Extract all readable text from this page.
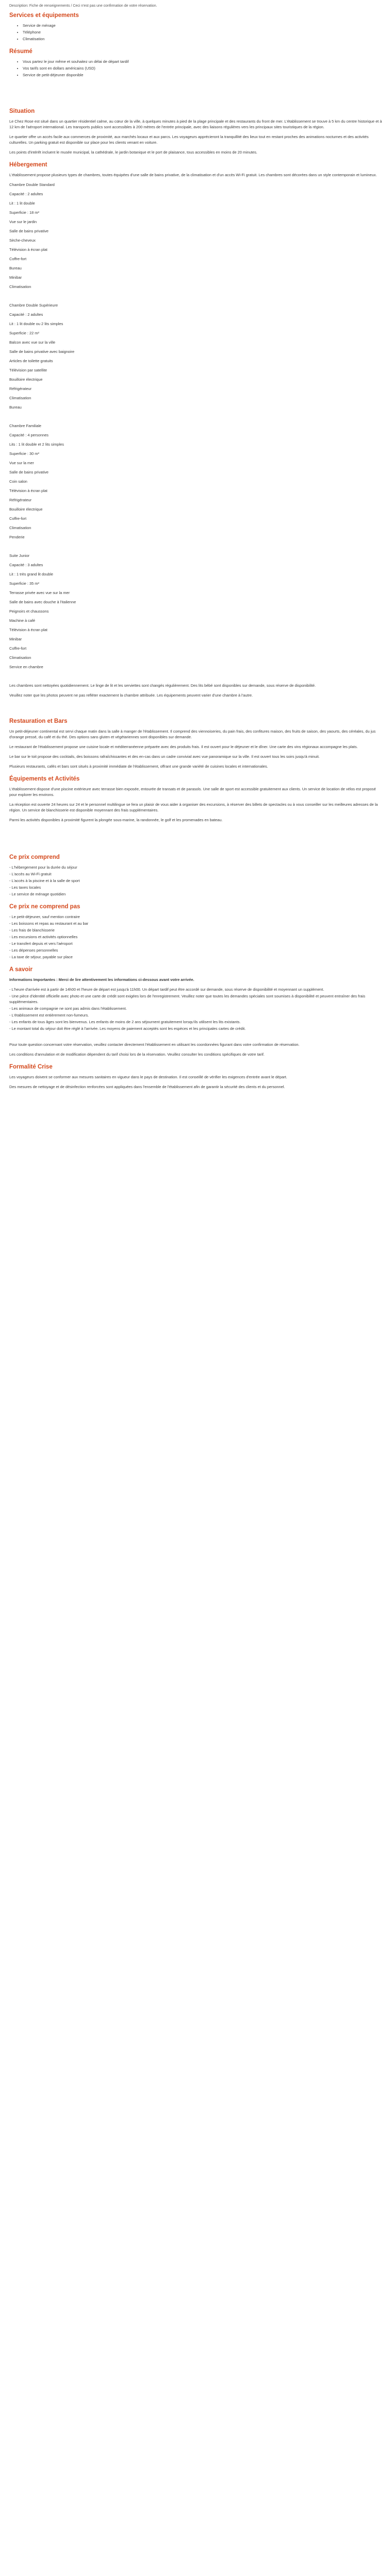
Description: Fiche de renseignements / Ceci n'est pas une confirmation de votre réservation.
Services et équipements
• Service de ménage
• Téléphone
• Climatisation
Résumé
• Vous partez le jour même et souhaitez un délai de départ tardif
• Vos tarifs sont en dollars américains (USD)
• Service de petit-déjeuner disponible
Situation

Le Chez Rose est situé dans un quartier résidentiel calme, au cœur de la ville, à quelques minutes à pied de la plage principale et des restaurants du front de mer. L'établissement se trouve à 5 km du centre historique et à 12 km de l'aéroport international. Les transports publics sont accessibles à 200 mètres de l'entrée principale, avec des liaisons régulières vers les principaux sites touristiques de la région.

Le quartier offre un accès facile aux commerces de proximité, aux marchés locaux et aux parcs. Les voyageurs apprécieront la tranquillité des lieux tout en restant proches des animations nocturnes et des activités culturelles. Un parking gratuit est disponible sur place pour les clients venant en voiture.

Les points d'intérêt incluent le musée municipal, la cathédrale, le jardin botanique et le port de plaisance, tous accessibles en moins de 20 minutes.

Hébergement

L'établissement propose plusieurs types de chambres, toutes équipées d'une salle de bains privative, de la climatisation et d'un accès Wi-Fi gratuit. Les chambres sont décorées dans un style contemporain et lumineux.

Chambre Double Standard
Capacité : 2 adultes
Lit : 1 lit double
Superficie : 18 m²
Vue sur le jardin
Salle de bains privative
Sèche-cheveux
Télévision à écran plat
Coffre-fort
Bureau
Minibar
Climatisation
Chambre Double Supérieure
Capacité : 2 adultes
Lit : 1 lit double ou 2 lits simples
Superficie : 22 m²
Balcon avec vue sur la ville
Salle de bains privative avec baignoire
Articles de toilette gratuits
Télévision par satellite
Bouilloire électrique
Réfrigérateur
Climatisation
Bureau
Chambre Familiale
Capacité : 4 personnes
Lits : 1 lit double et 2 lits simples
Superficie : 30 m²
Vue sur la mer
Salle de bains privative
Coin salon
Télévision à écran plat
Réfrigérateur
Bouilloire électrique
Coffre-fort
Climatisation
Penderie
Suite Junior
Capacité : 3 adultes
Lit : 1 très grand lit double
Superficie : 35 m²
Terrasse privée avec vue sur la mer
Salle de bains avec douche à l'italienne
Peignoirs et chaussons
Machine à café
Télévision à écran plat
Minibar
Coffre-fort
Climatisation
Service en chambre

Les chambres sont nettoyées quotidiennement. Le linge de lit et les serviettes sont changés régulièrement. Des lits bébé sont disponibles sur demande, sous réserve de disponibilité.

Veuillez noter que les photos peuvent ne pas refléter exactement la chambre attribuée. Les équipements peuvent varier d'une chambre à l'autre.

Restauration et Bars

Un petit-déjeuner continental est servi chaque matin dans la salle à manger de l'établissement. Il comprend des viennoiseries, du pain frais, des confitures maison, des fruits de saison, des yaourts, des céréales, du jus d'orange pressé, du café et du thé. Des options sans gluten et végétariennes sont disponibles sur demande.

Le restaurant de l'établissement propose une cuisine locale et méditerranéenne préparée avec des produits frais. Il est ouvert pour le déjeuner et le dîner. Une carte des vins régionaux accompagne les plats.

Le bar sur le toit propose des cocktails, des boissons rafraîchissantes et des en-cas dans un cadre convivial avec vue panoramique sur la ville. Il est ouvert tous les soirs jusqu'à minuit.

Plusieurs restaurants, cafés et bars sont situés à proximité immédiate de l'établissement, offrant une grande variété de cuisines locales et internationales.

Équipements et Activités

L'établissement dispose d'une piscine extérieure avec terrasse bien exposée, entourée de transats et de parasols. Une salle de sport est accessible gratuitement aux clients. Un service de location de vélos est proposé pour explorer les environs.

La réception est ouverte 24 heures sur 24 et le personnel multilingue se fera un plaisir de vous aider à organiser des excursions, à réserver des billets de spectacles ou à vous conseiller sur les meilleures adresses de la région. Un service de blanchisserie est disponible moyennant des frais supplémentaires.

Parmi les activités disponibles à proximité figurent la plongée sous-marine, la randonnée, le golf et les promenades en bateau.

Ce prix comprend
- L'hébergement pour la durée du séjour
- L'accès au Wi-Fi gratuit
- L'accès à la piscine et à la salle de sport
- Les taxes locales
- Le service de ménage quotidien
Ce prix ne comprend pas
- Le petit-déjeuner, sauf mention contraire
- Les boissons et repas au restaurant et au bar
- Les frais de blanchisserie
- Les excursions et activités optionnelles
- Le transfert depuis et vers l'aéroport
- Les dépenses personnelles
- La taxe de séjour, payable sur place
A savoir

Informations Importantes : Merci de lire attentivement les informations ci-dessous avant votre arrivée.

- L'heure d'arrivée est à partir de 14h00 et l'heure de départ est jusqu'à 11h00. Un départ tardif peut être accordé sur demande, sous réserve de disponibilité et moyennant un supplément.
- Une pièce d'identité officielle avec photo et une carte de crédit sont exigées lors de l'enregistrement. Veuillez noter que toutes les demandes spéciales sont soumises à disponibilité et peuvent entraîner des frais supplémentaires.
- Les animaux de compagnie ne sont pas admis dans l'établissement.
- L'établissement est entièrement non-fumeurs.
- Les enfants de tous âges sont les bienvenus. Les enfants de moins de 2 ans séjournent gratuitement lorsqu'ils utilisent les lits existants.
- Le montant total du séjour doit être réglé à l'arrivée. Les moyens de paiement acceptés sont les espèces et les principales cartes de crédit.

Pour toute question concernant votre réservation, veuillez contacter directement l'établissement en utilisant les coordonnées figurant dans votre confirmation de réservation.

Les conditions d'annulation et de modification dépendent du tarif choisi lors de la réservation. Veuillez consulter les conditions spécifiques de votre tarif.

Formalité Crise

Les voyageurs doivent se conformer aux mesures sanitaires en vigueur dans le pays de destination. Il est conseillé de vérifier les exigences d'entrée avant le départ.

Des mesures de nettoyage et de désinfection renforcées sont appliquées dans l'ensemble de l'établissement afin de garantir la sécurité des clients et du personnel.
